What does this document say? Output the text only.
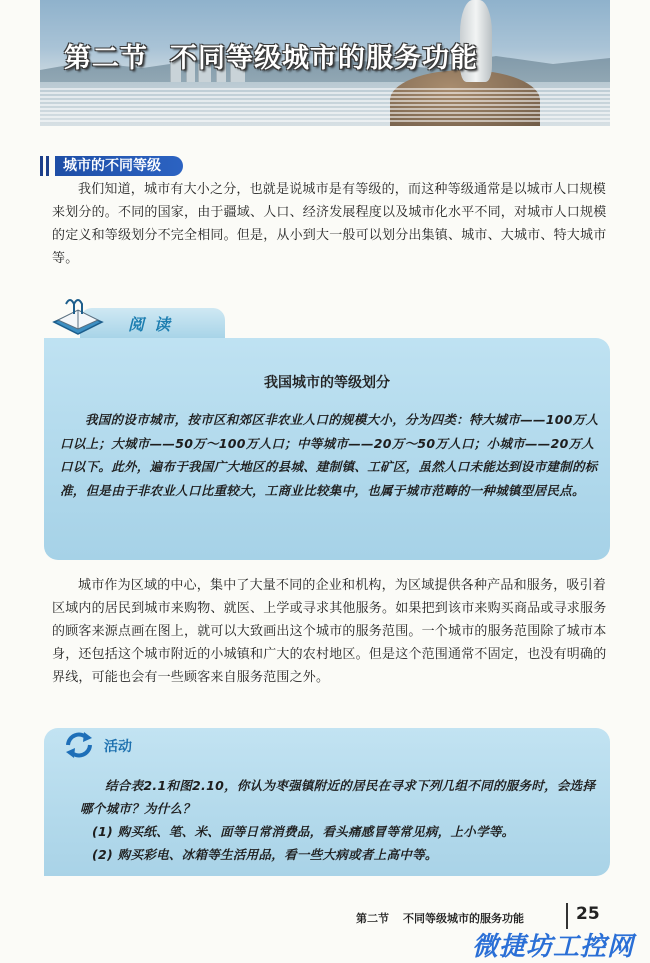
第二节 不同等级城市的服务功能
城市的不同等级
我们知道，城市有大小之分，也就是说城市是有等级的，而这种等级通常是以城市人口规模来划分的。不同的国家，由于疆域、人口、经济发展程度以及城市化水平不同，对城市人口规模的定义和等级划分不完全相同。但是，从小到大一般可以划分出集镇、城市、大城市、特大城市等。
阅读
我国城市的等级划分
我国的设市城市，按市区和郊区非农业人口的规模大小，分为四类：特大城市——100万人口以上；大城市——50万～100万人口；中等城市——20万～50万人口；小城市——20万人口以下。此外，遍布于我国广大地区的县城、建制镇、工矿区，虽然人口未能达到设市建制的标准，但是由于非农业人口比重较大，工商业比较集中，也属于城市范畴的一种城镇型居民点。
城市作为区域的中心，集中了大量不同的企业和机构，为区域提供各种产品和服务，吸引着区域内的居民到城市来购物、就医、上学或寻求其他服务。如果把到该市来购买商品或寻求服务的顾客来源点画在图上，就可以大致画出这个城市的服务范围。一个城市的服务范围除了城市本身，还包括这个城市附近的小城镇和广大的农村地区。但是这个范围通常不固定，也没有明确的界线，可能也会有一些顾客来自服务范围之外。
活动
结合表2.1和图2.10，你认为枣强镇附近的居民在寻求下列几组不同的服务时，会选择哪个城市？为什么？
(1) 购买纸、笔、米、面等日常消费品，看头痛感冒等常见病，上小学等。
(2) 购买彩电、冰箱等生活用品，看一些大病或者上高中等。
第二节 不同等级城市的服务功能	25
微捷坊工控网
